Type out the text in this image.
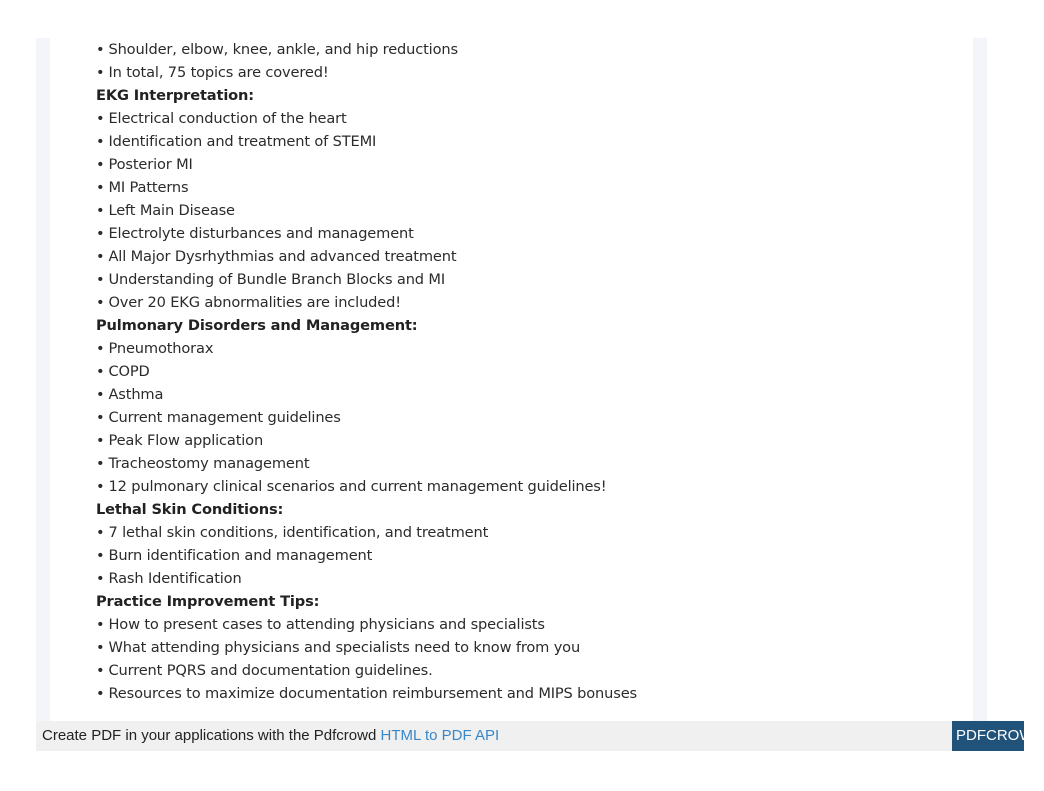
• Shoulder, elbow, knee, ankle, and hip reductions
• In total, 75 topics are covered!
EKG Interpretation:
• Electrical conduction of the heart
• Identification and treatment of STEMI
• Posterior MI
• MI Patterns
• Left Main Disease
• Electrolyte disturbances and management
• All Major Dysrhythmias and advanced treatment
• Understanding of Bundle Branch Blocks and MI
• Over 20 EKG abnormalities are included!
Pulmonary Disorders and Management:
• Pneumothorax
• COPD
• Asthma
• Current management guidelines
• Peak Flow application
• Tracheostomy management
• 12 pulmonary clinical scenarios and current management guidelines!
Lethal Skin Conditions:
• 7 lethal skin conditions, identification, and treatment
• Burn identification and management
• Rash Identification
Practice Improvement Tips:
• How to present cases to attending physicians and specialists
• What attending physicians and specialists need to know from you
• Current PQRS and documentation guidelines.
• Resources to maximize documentation reimbursement and MIPS bonuses
Create PDF in your applications with the Pdfcrowd HTML to PDF API	PDFCROWD
